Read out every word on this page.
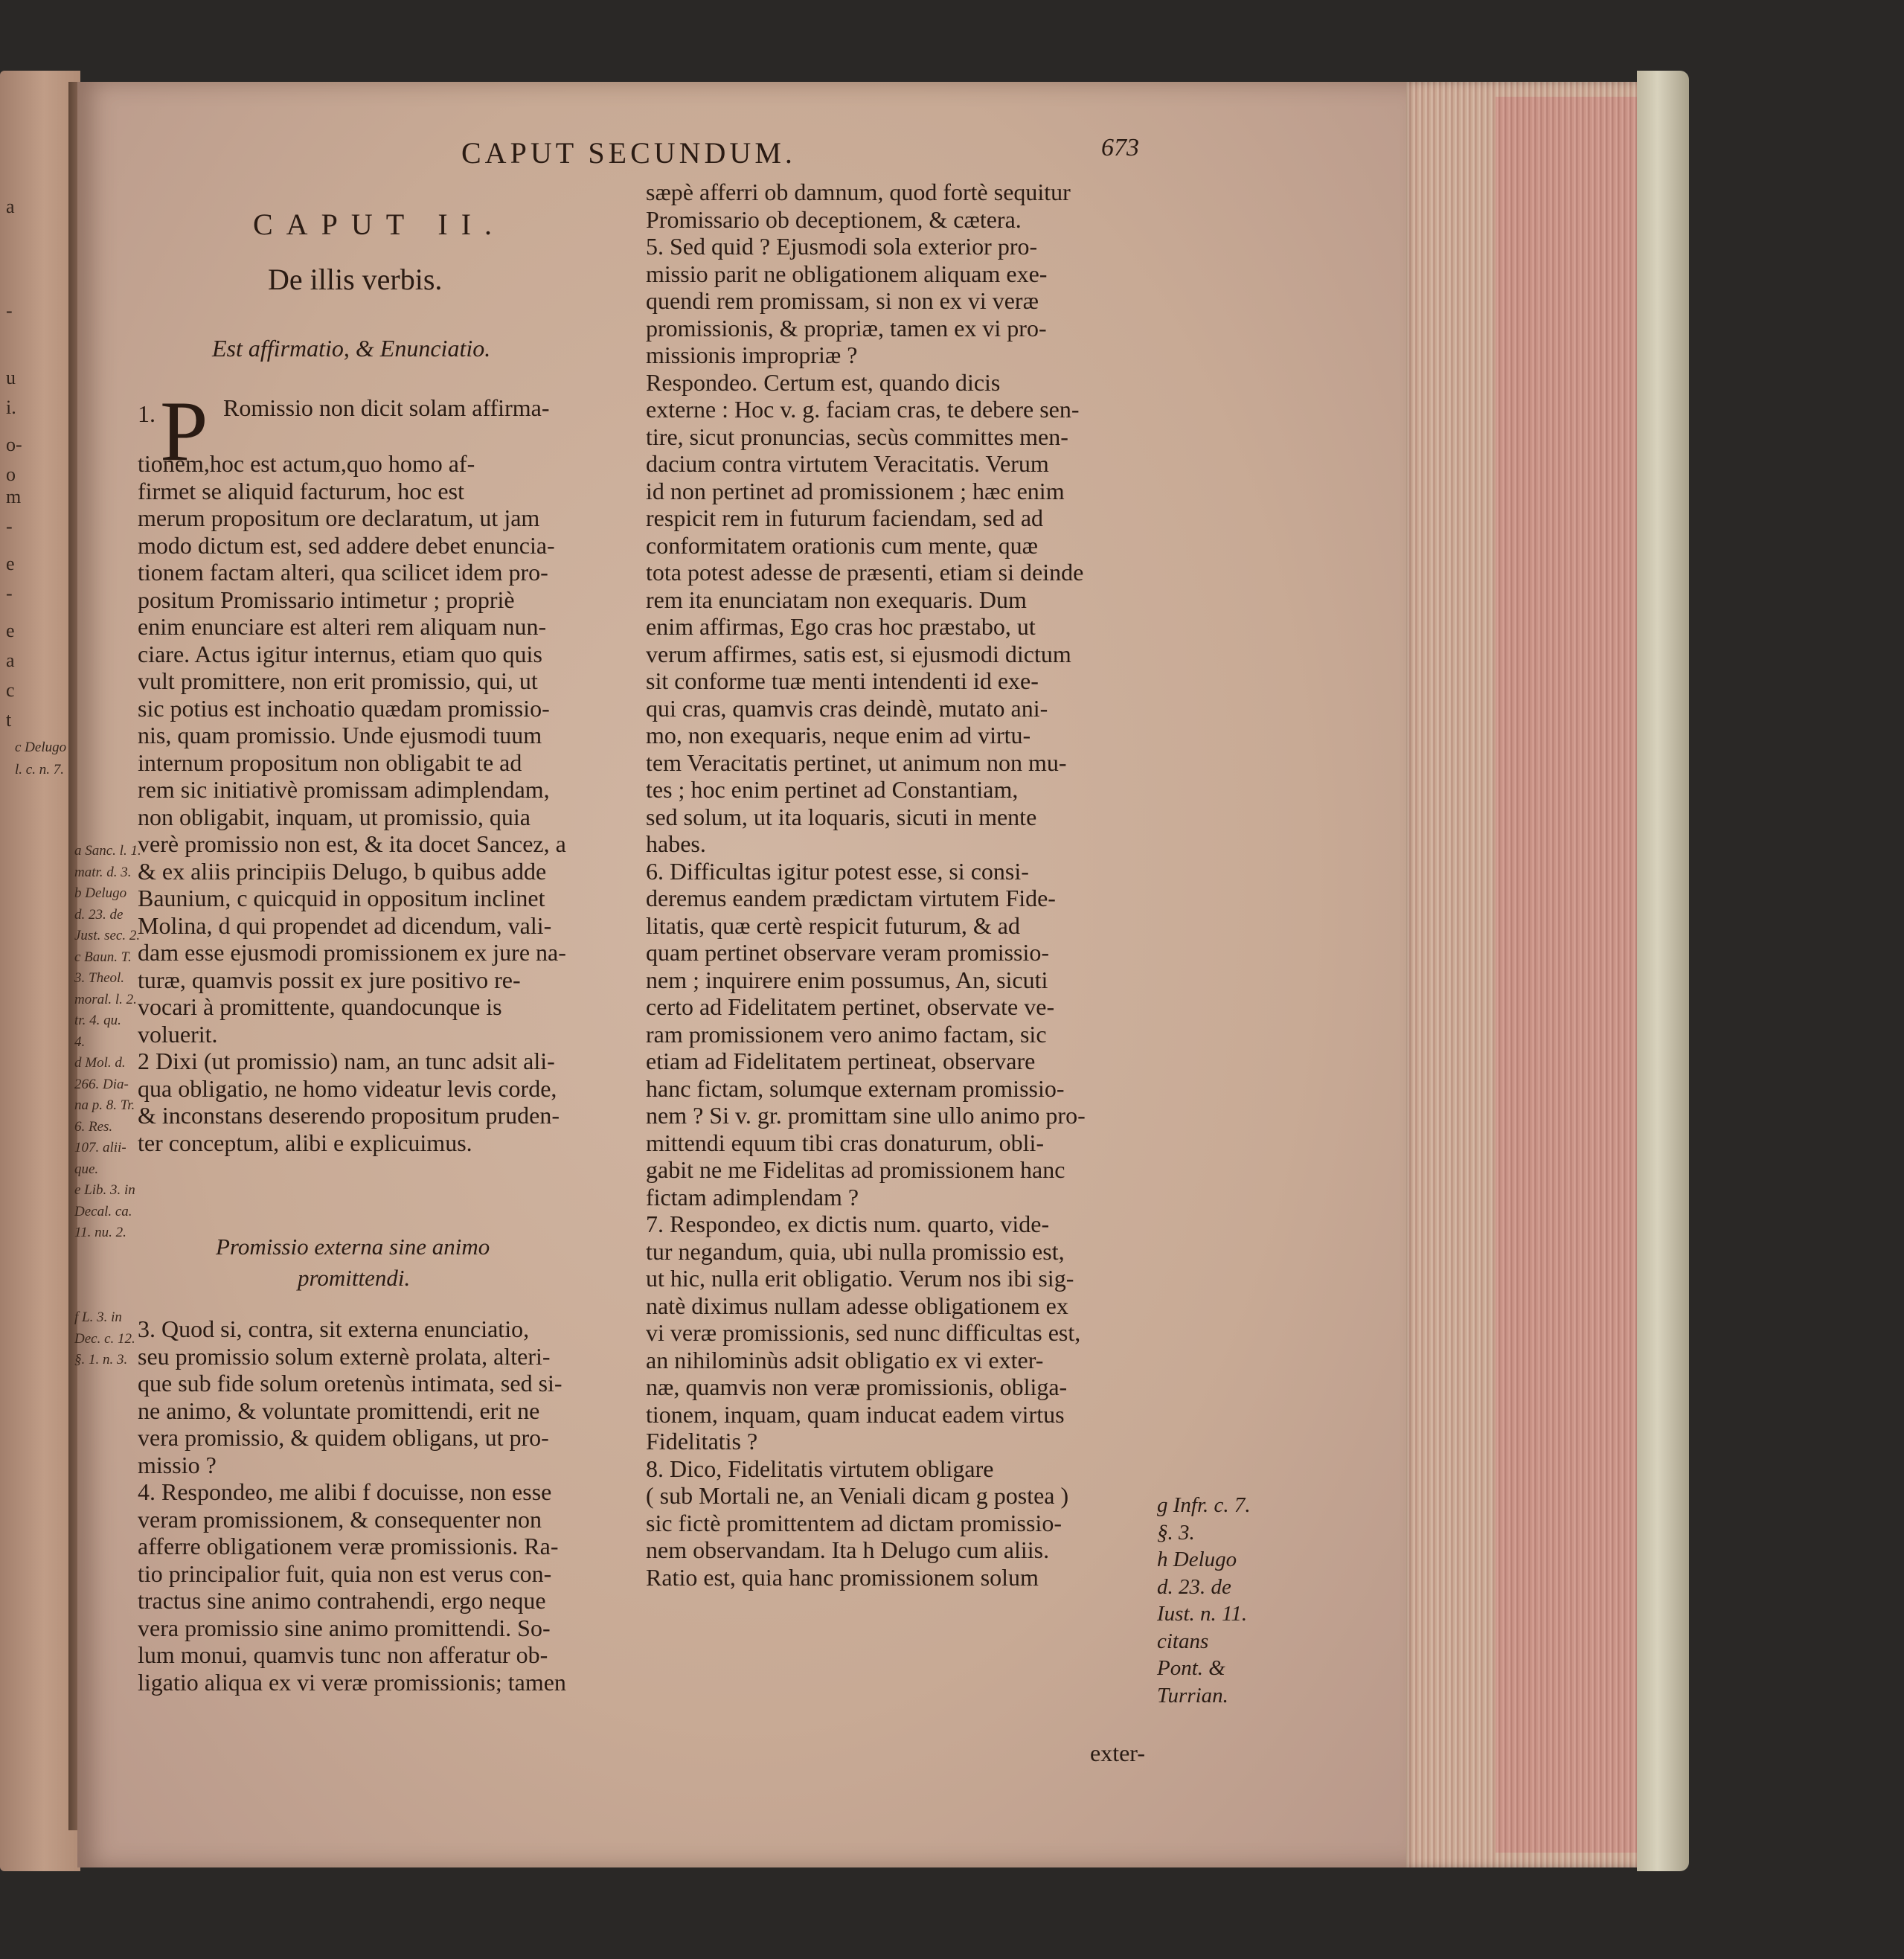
a
-
u
i.
o-
o
m
-
e
-
e
a
c
t
c Delugo
l. c. n. 7.
CAPUT SECUNDUM.	673
CAPUT II.
De illis verbis.
Est affirmatio, & Enunciatio.
1. P Romissio non dicit solam affirma-
tionem,hoc est actum,quo homo af-
firmet se aliquid facturum, hoc est
merum propositum ore declaratum, ut jam
modo dictum est, sed addere debet enuncia-
tionem factam alteri, qua scilicet idem pro-
positum Promissario intimetur ; propriè
enim enunciare est alteri rem aliquam nun-
ciare. Actus igitur internus, etiam quo quis
vult promittere, non erit promissio, qui, ut
sic potius est inchoatio quædam promissio-
nis, quam promissio. Unde ejusmodi tuum
internum propositum non obligabit te ad
rem sic initiativè promissam adimplendam,
non obligabit, inquam, ut promissio, quia
verè promissio non est, & ita docet Sancez, a
& ex aliis principiis Delugo, b quibus adde
Baunium, c quicquid in oppositum inclinet
Molina, d qui propendet ad dicendum, vali-
dam esse ejusmodi promissionem ex jure na-
turæ, quamvis possit ex jure positivo re-
vocari à promittente, quandocunque is
voluerit.
2 Dixi (ut promissio) nam, an tunc adsit ali-
qua obligatio, ne homo videatur levis corde,
& inconstans deserendo propositum pruden-
ter conceptum, alibi e explicuimus.
Promissio externa sine animo
promittendi.
3. Quod si, contra, sit externa enunciatio,
seu promissio solum externè prolata, alteri-
que sub fide solum oretenùs intimata, sed si-
ne animo, & voluntate promittendi, erit ne
vera promissio, & quidem obligans, ut pro-
missio ?
4. Respondeo, me alibi f docuisse, non esse
veram promissionem, & consequenter non
afferre obligationem veræ promissionis. Ra-
tio principalior fuit, quia non est verus con-
tractus sine animo contrahendi, ergo neque
vera promissio sine animo promittendi. So-
lum monui, quamvis tunc non afferatur ob-
ligatio aliqua ex vi veræ promissionis; tamen
sæpè afferri ob damnum, quod fortè sequitur
Promissario ob deceptionem, & cætera.
5. Sed quid ? Ejusmodi sola exterior pro-
missio parit ne obligationem aliquam exe-
quendi rem promissam, si non ex vi veræ
promissionis, & propriæ, tamen ex vi pro-
missionis impropriæ ?
Respondeo. Certum est, quando dicis
externe : Hoc v. g. faciam cras, te debere sen-
tire, sicut pronuncias, secùs committes men-
dacium contra virtutem Veracitatis. Verum
id non pertinet ad promissionem ; hæc enim
respicit rem in futurum faciendam, sed ad
conformitatem orationis cum mente, quæ
tota potest adesse de præsenti, etiam si deinde
rem ita enunciatam non exequaris. Dum
enim affirmas, Ego cras hoc præstabo, ut
verum affirmes, satis est, si ejusmodi dictum
sit conforme tuæ menti intendenti id exe-
qui cras, quamvis cras deindè, mutato ani-
mo, non exequaris, neque enim ad virtu-
tem Veracitatis pertinet, ut animum non mu-
tes ; hoc enim pertinet ad Constantiam,
sed solum, ut ita loquaris, sicuti in mente
habes.
6. Difficultas igitur potest esse, si consi-
deremus eandem prædictam virtutem Fide-
litatis, quæ certè respicit futurum, & ad
quam pertinet observare veram promissio-
nem ; inquirere enim possumus, An, sicuti
certo ad Fidelitatem pertinet, observate ve-
ram promissionem vero animo factam, sic
etiam ad Fidelitatem pertineat, observare
hanc fictam, solumque externam promissio-
nem ? Si v. gr. promittam sine ullo animo pro-
mittendi equum tibi cras donaturum, obli-
gabit ne me Fidelitas ad promissionem hanc
fictam adimplendam ?
7. Respondeo, ex dictis num. quarto, vide-
tur negandum, quia, ubi nulla promissio est,
ut hic, nulla erit obligatio. Verum nos ibi sig-
natè diximus nullam adesse obligationem ex
vi veræ promissionis, sed nunc difficultas est,
an nihilominùs adsit obligatio ex vi exter-
næ, quamvis non veræ promissionis, obliga-
tionem, inquam, quam inducat eadem virtus
Fidelitatis ?
8. Dico, Fidelitatis virtutem obligare
( sub Mortali ne, an Veniali dicam g postea )
sic fictè promittentem ad dictam promissio-
nem observandam. Ita h Delugo cum aliis.
Ratio est, quia hanc promissionem solum
a Sanc. l. 1.
matr. d. 3.
b Delugo
d. 23. de
Just. sec. 2.
c Baun. T.
3. Theol.
moral. l. 2.
tr. 4. qu.
4.
d Mol. d.
266. Dia-
na p. 8. Tr.
6. Res.
107. alii-
que.
e Lib. 3. in
Decal. ca.
11. nu. 2.
f L. 3. in
Dec. c. 12.
§. 1. n. 3.
g Infr. c. 7.
§. 3.
h Delugo
d. 23. de
Iust. n. 11.
citans
Pont. &
Turrian.
exter-
